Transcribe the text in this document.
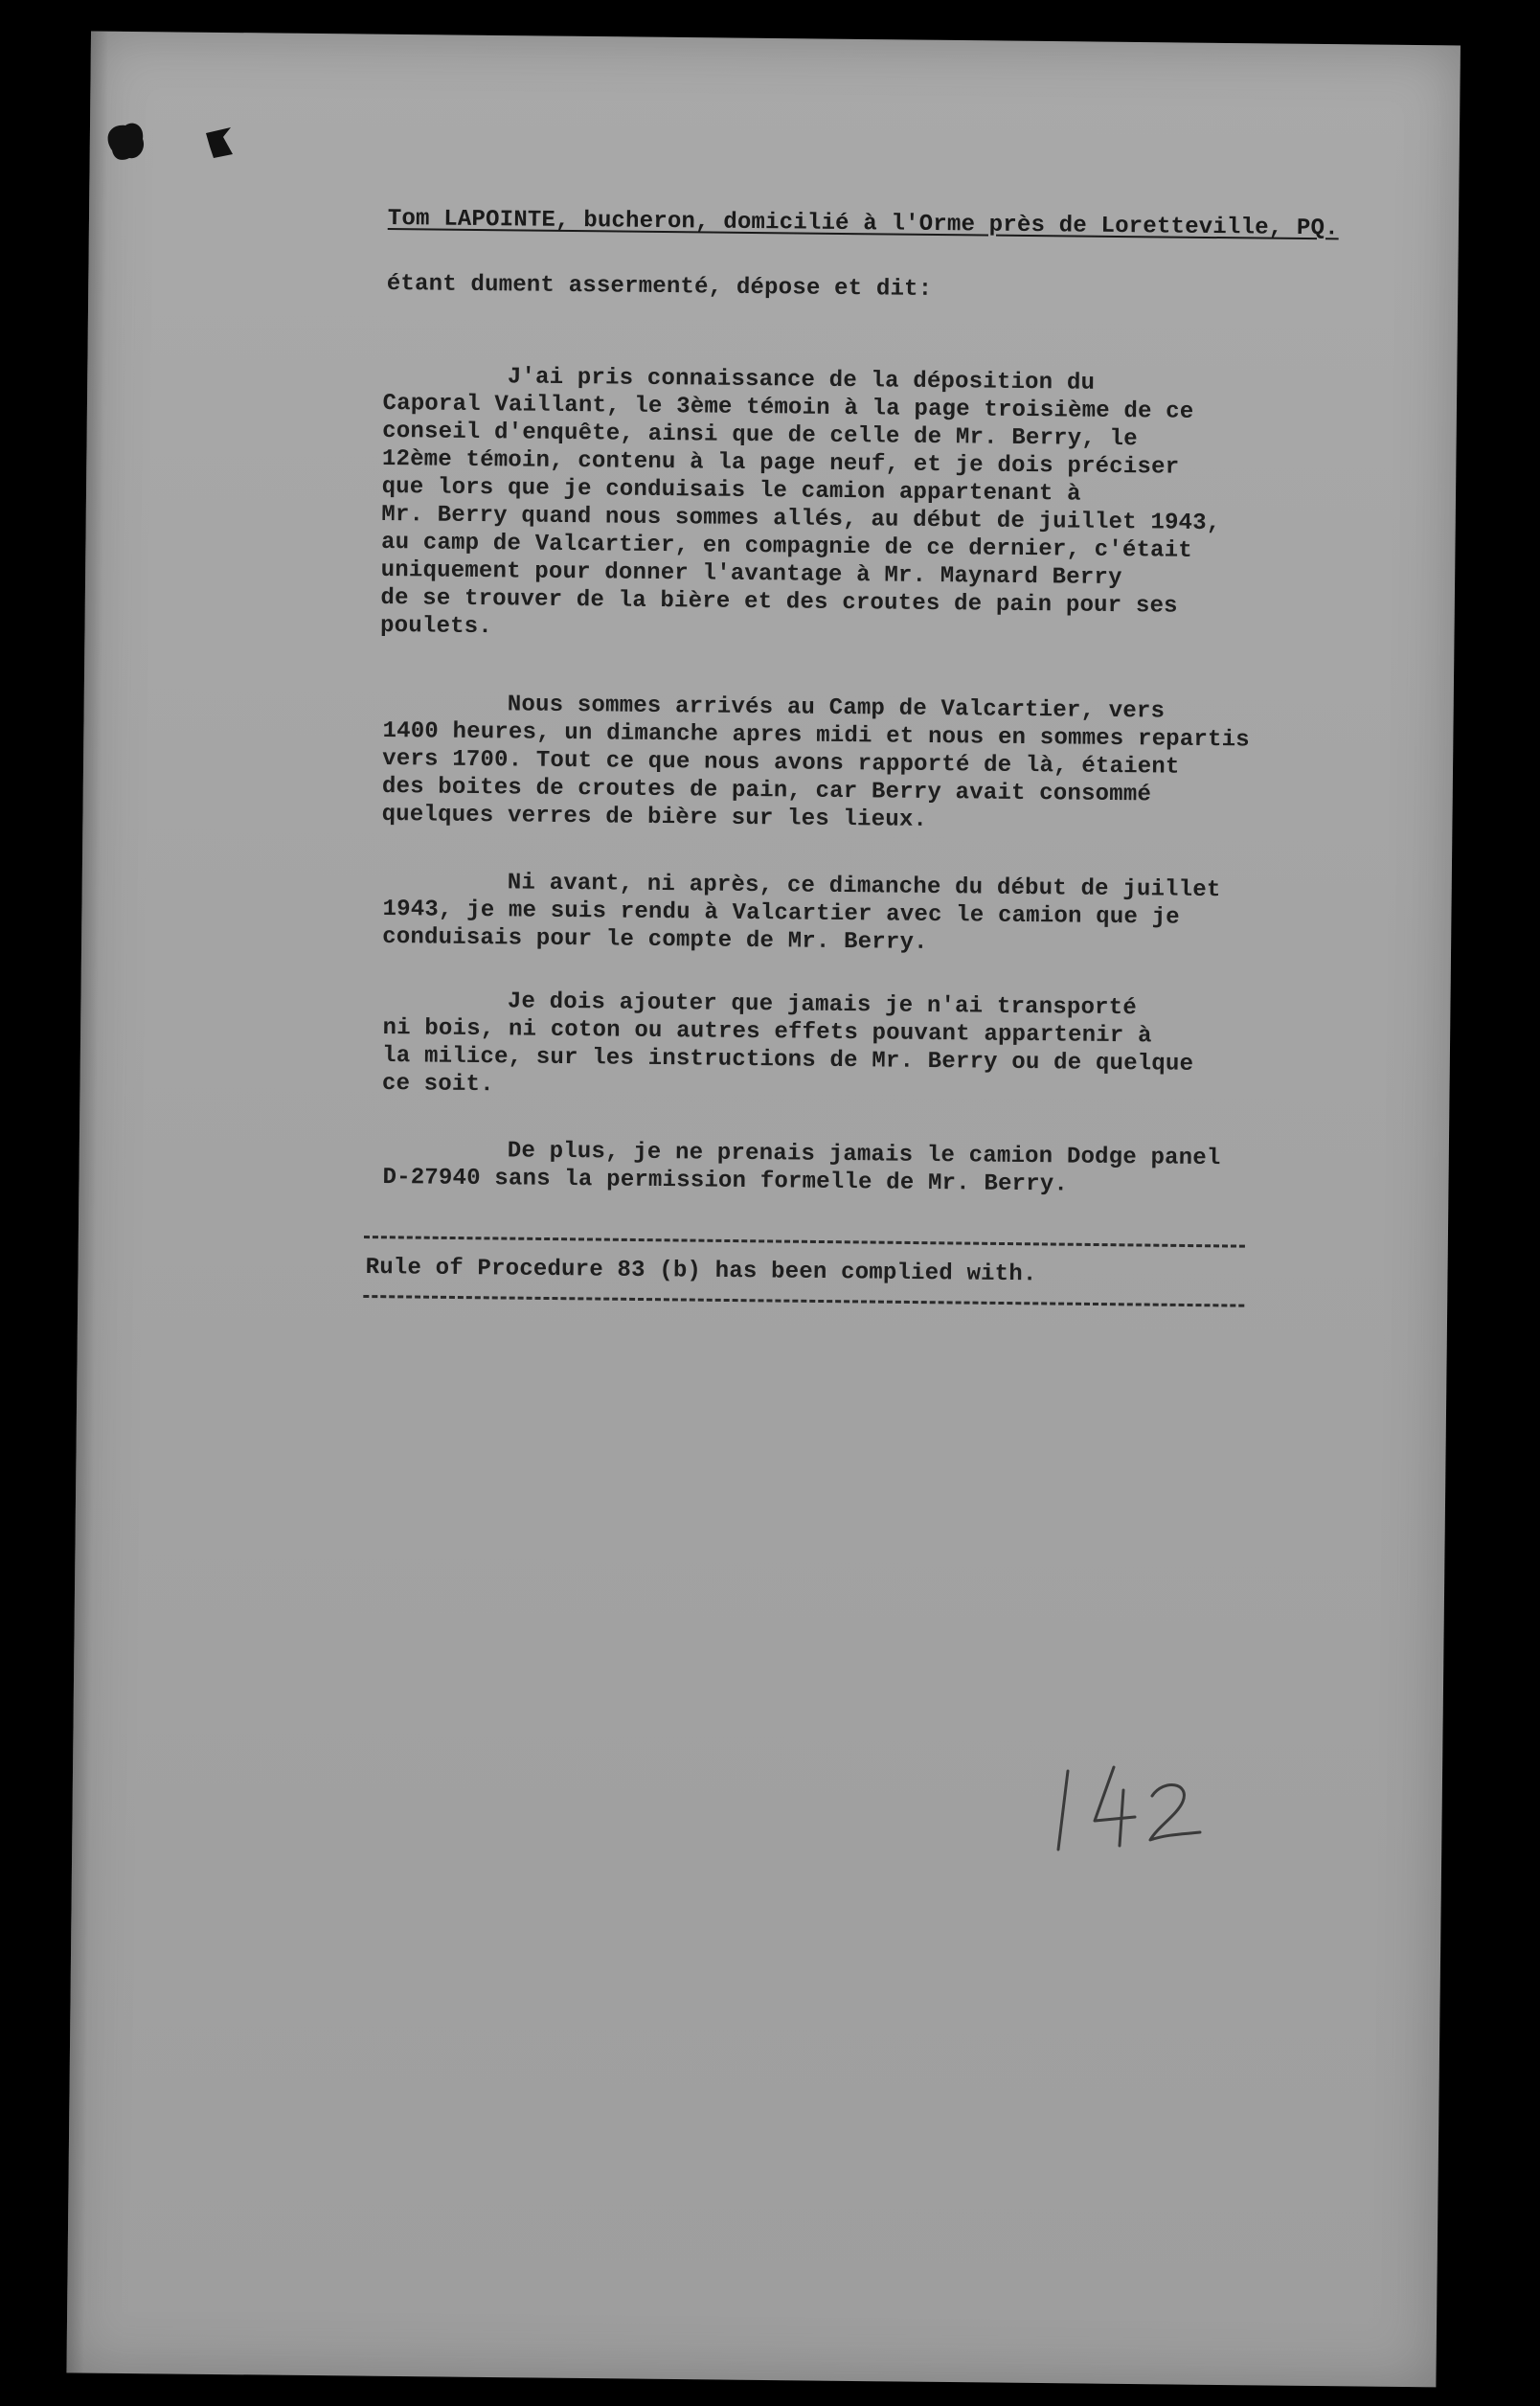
Tom LAPOINTE, bucheron, domicilié à l'Orme près de Loretteville, PQ.
étant dument assermenté, dépose et dit:
J'ai pris connaissance de la déposition du
Caporal Vaillant, le 3ème témoin à la page troisième de ce
conseil d'enquête, ainsi que de celle de Mr. Berry, le
12ème témoin, contenu à la page neuf, et je dois préciser
que lors que je conduisais le camion appartenant à
Mr. Berry quand nous sommes allés, au début de juillet 1943,
au camp de Valcartier, en compagnie de ce dernier, c'était
uniquement pour donner l'avantage à Mr. Maynard Berry
de se trouver de la bière et des croutes de pain pour ses
poulets.
Nous sommes arrivés au Camp de Valcartier, vers
1400 heures, un dimanche apres midi et nous en sommes repartis
vers 1700. Tout ce que nous avons rapporté de là, étaient
des boites de croutes de pain, car Berry avait consommé
quelques verres de bière sur les lieux.
Ni avant, ni après, ce dimanche du début de juillet
1943, je me suis rendu à Valcartier avec le camion que je
conduisais pour le compte de Mr. Berry.
Je dois ajouter que jamais je n'ai transporté
ni bois, ni coton ou autres effets pouvant appartenir à
la milice, sur les instructions de Mr. Berry ou de quelque
ce soit.
De plus, je ne prenais jamais le camion Dodge panel
D-27940 sans la permission formelle de Mr. Berry.
Rule of Procedure 83 (b) has been complied with.
